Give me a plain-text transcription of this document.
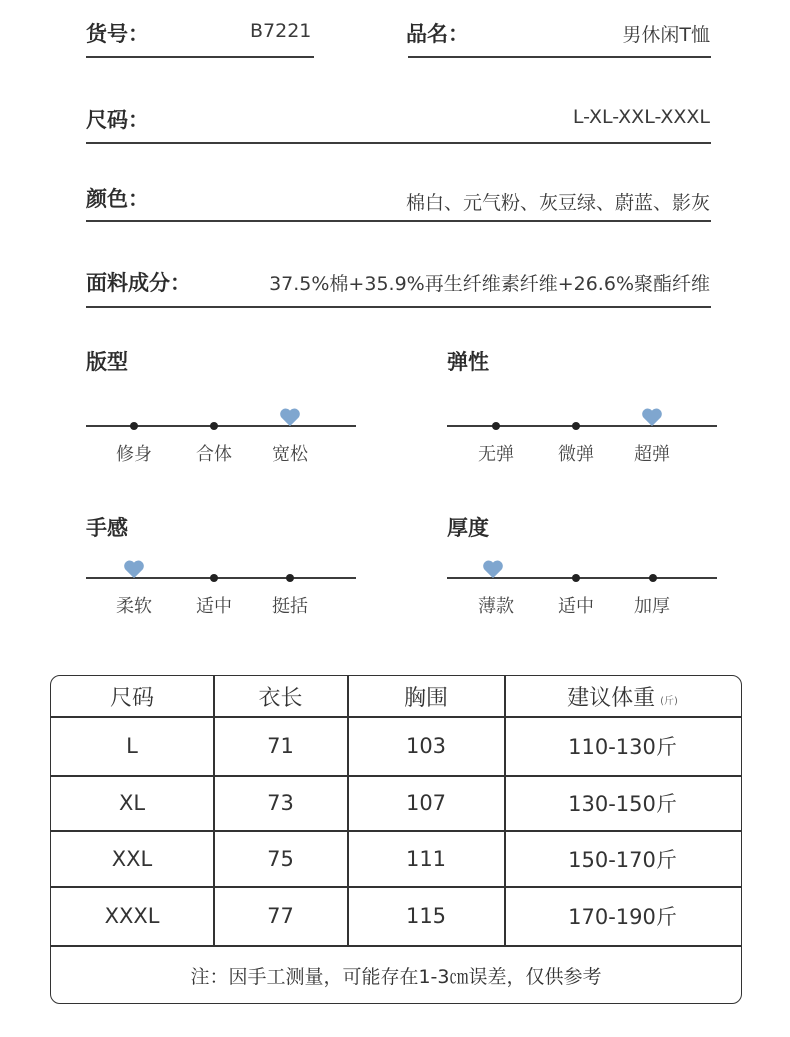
货号：	B7221	品名：	男休闲T恤
尺码：	L-XL-XXL-XXXL
颜色：	棉白、元气粉、灰豆绿、蔚蓝、影灰
面料成分：	37.5%棉+35.9%再生纤维素纤维+26.6%聚酯纤维
版型
修身 合体 宽松
弹性
无弹 微弹 超弹
手感
柔软 适中 挺括
厚度
薄款 适中 加厚
尺码	衣长	胸围	建议体重 (斤)
L	71	103	110-130斤
XL	73	107	130-150斤
XXL	75	111	150-170斤
XXXL	77	115	170-190斤
注：因手工测量，可能存在1-3㎝误差，仅供参考
